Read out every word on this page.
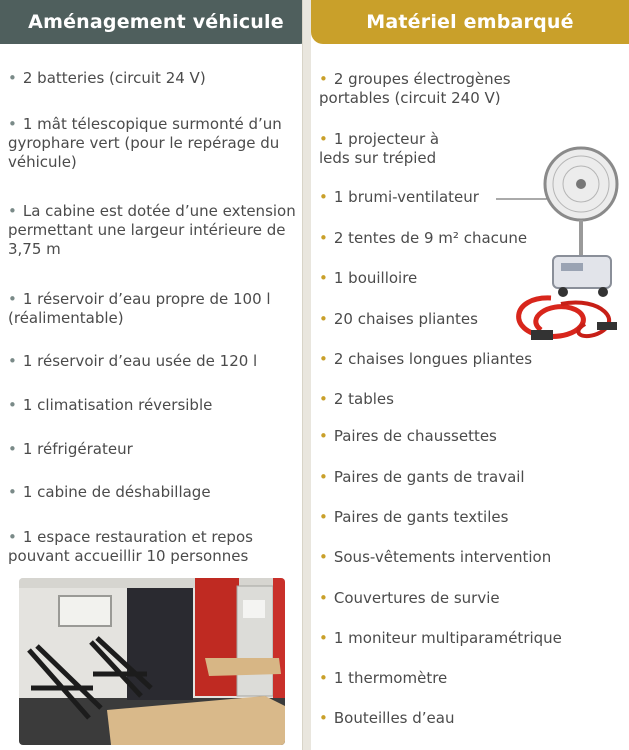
Aménagement véhicule
• 2 batteries (circuit 24 V)
• 1 mât télescopique surmonté d’un gyrophare vert (pour le repérage du véhicule)
• La cabine est dotée d’une extension permettant une largeur intérieure de 3,75 m
• 1 réservoir d’eau propre de 100 l (réalimentable)
• 1 réservoir d’eau usée de 120 l
• 1 climatisation réversible
• 1 réfrigérateur
• 1 cabine de déshabillage
• 1 espace restauration et repos pouvant accueillir 10 personnes
Matériel embarqué
• 2 groupes électrogènes portables (circuit 240 V)
• 1 projecteur à leds sur trépied
• 1 brumi-ventilateur
• 2 tentes de 9 m² chacune
• 1 bouilloire
• 20 chaises pliantes
• 2 chaises longues pliantes
• 2 tables
• Paires de chaussettes
• Paires de gants de travail
• Paires de gants textiles
• Sous-vêtements intervention
• Couvertures de survie
• 1 moniteur multiparamétrique
• 1 thermomètre
• Bouteilles d’eau
